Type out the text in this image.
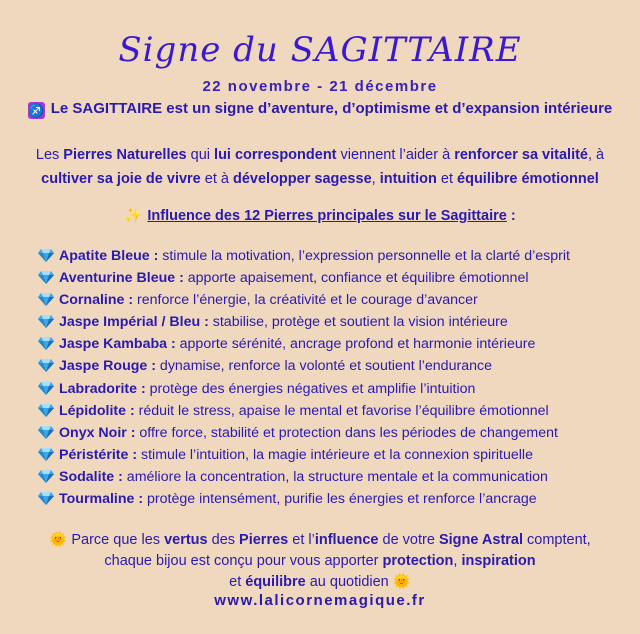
Signe du SAGITTAIRE
22 novembre - 21 décembre
♐ Le SAGITTAIRE est un signe d’aventure, d’optimisme et d’expansion intérieure
Les Pierres Naturelles qui lui correspondent viennent l’aider à renforcer sa vitalité, à
cultiver sa joie de vivre et à développer sagesse, intuition et équilibre émotionnel
✨ Influence des 12 Pierres principales sur le Sagittaire :
Apatite Bleue : stimule la motivation, l’expression personnelle et la clarté d’esprit
Aventurine Bleue : apporte apaisement, confiance et équilibre émotionnel
Cornaline : renforce l’énergie, la créativité et le courage d’avancer
Jaspe Impérial / Bleu : stabilise, protège et soutient la vision intérieure
Jaspe Kambaba : apporte sérénité, ancrage profond et harmonie intérieure
Jaspe Rouge : dynamise, renforce la volonté et soutient l’endurance
Labradorite : protège des énergies négatives et amplifie l’intuition
Lépidolite : réduit le stress, apaise le mental et favorise l’équilibre émotionnel
Onyx Noir : offre force, stabilité et protection dans les périodes de changement
Péristérite : stimule l’intuition, la magie intérieure et la connexion spirituelle
Sodalite : améliore la concentration, la structure mentale et la communication
Tourmaline : protège intensément, purifie les énergies et renforce l’ancrage
🌞 Parce que les vertus des Pierres et l’influence de votre Signe Astral comptent,
chaque bijou est conçu pour vous apporter protection, inspiration
et équilibre au quotidien 🌞
www.lalicornemagique.fr
